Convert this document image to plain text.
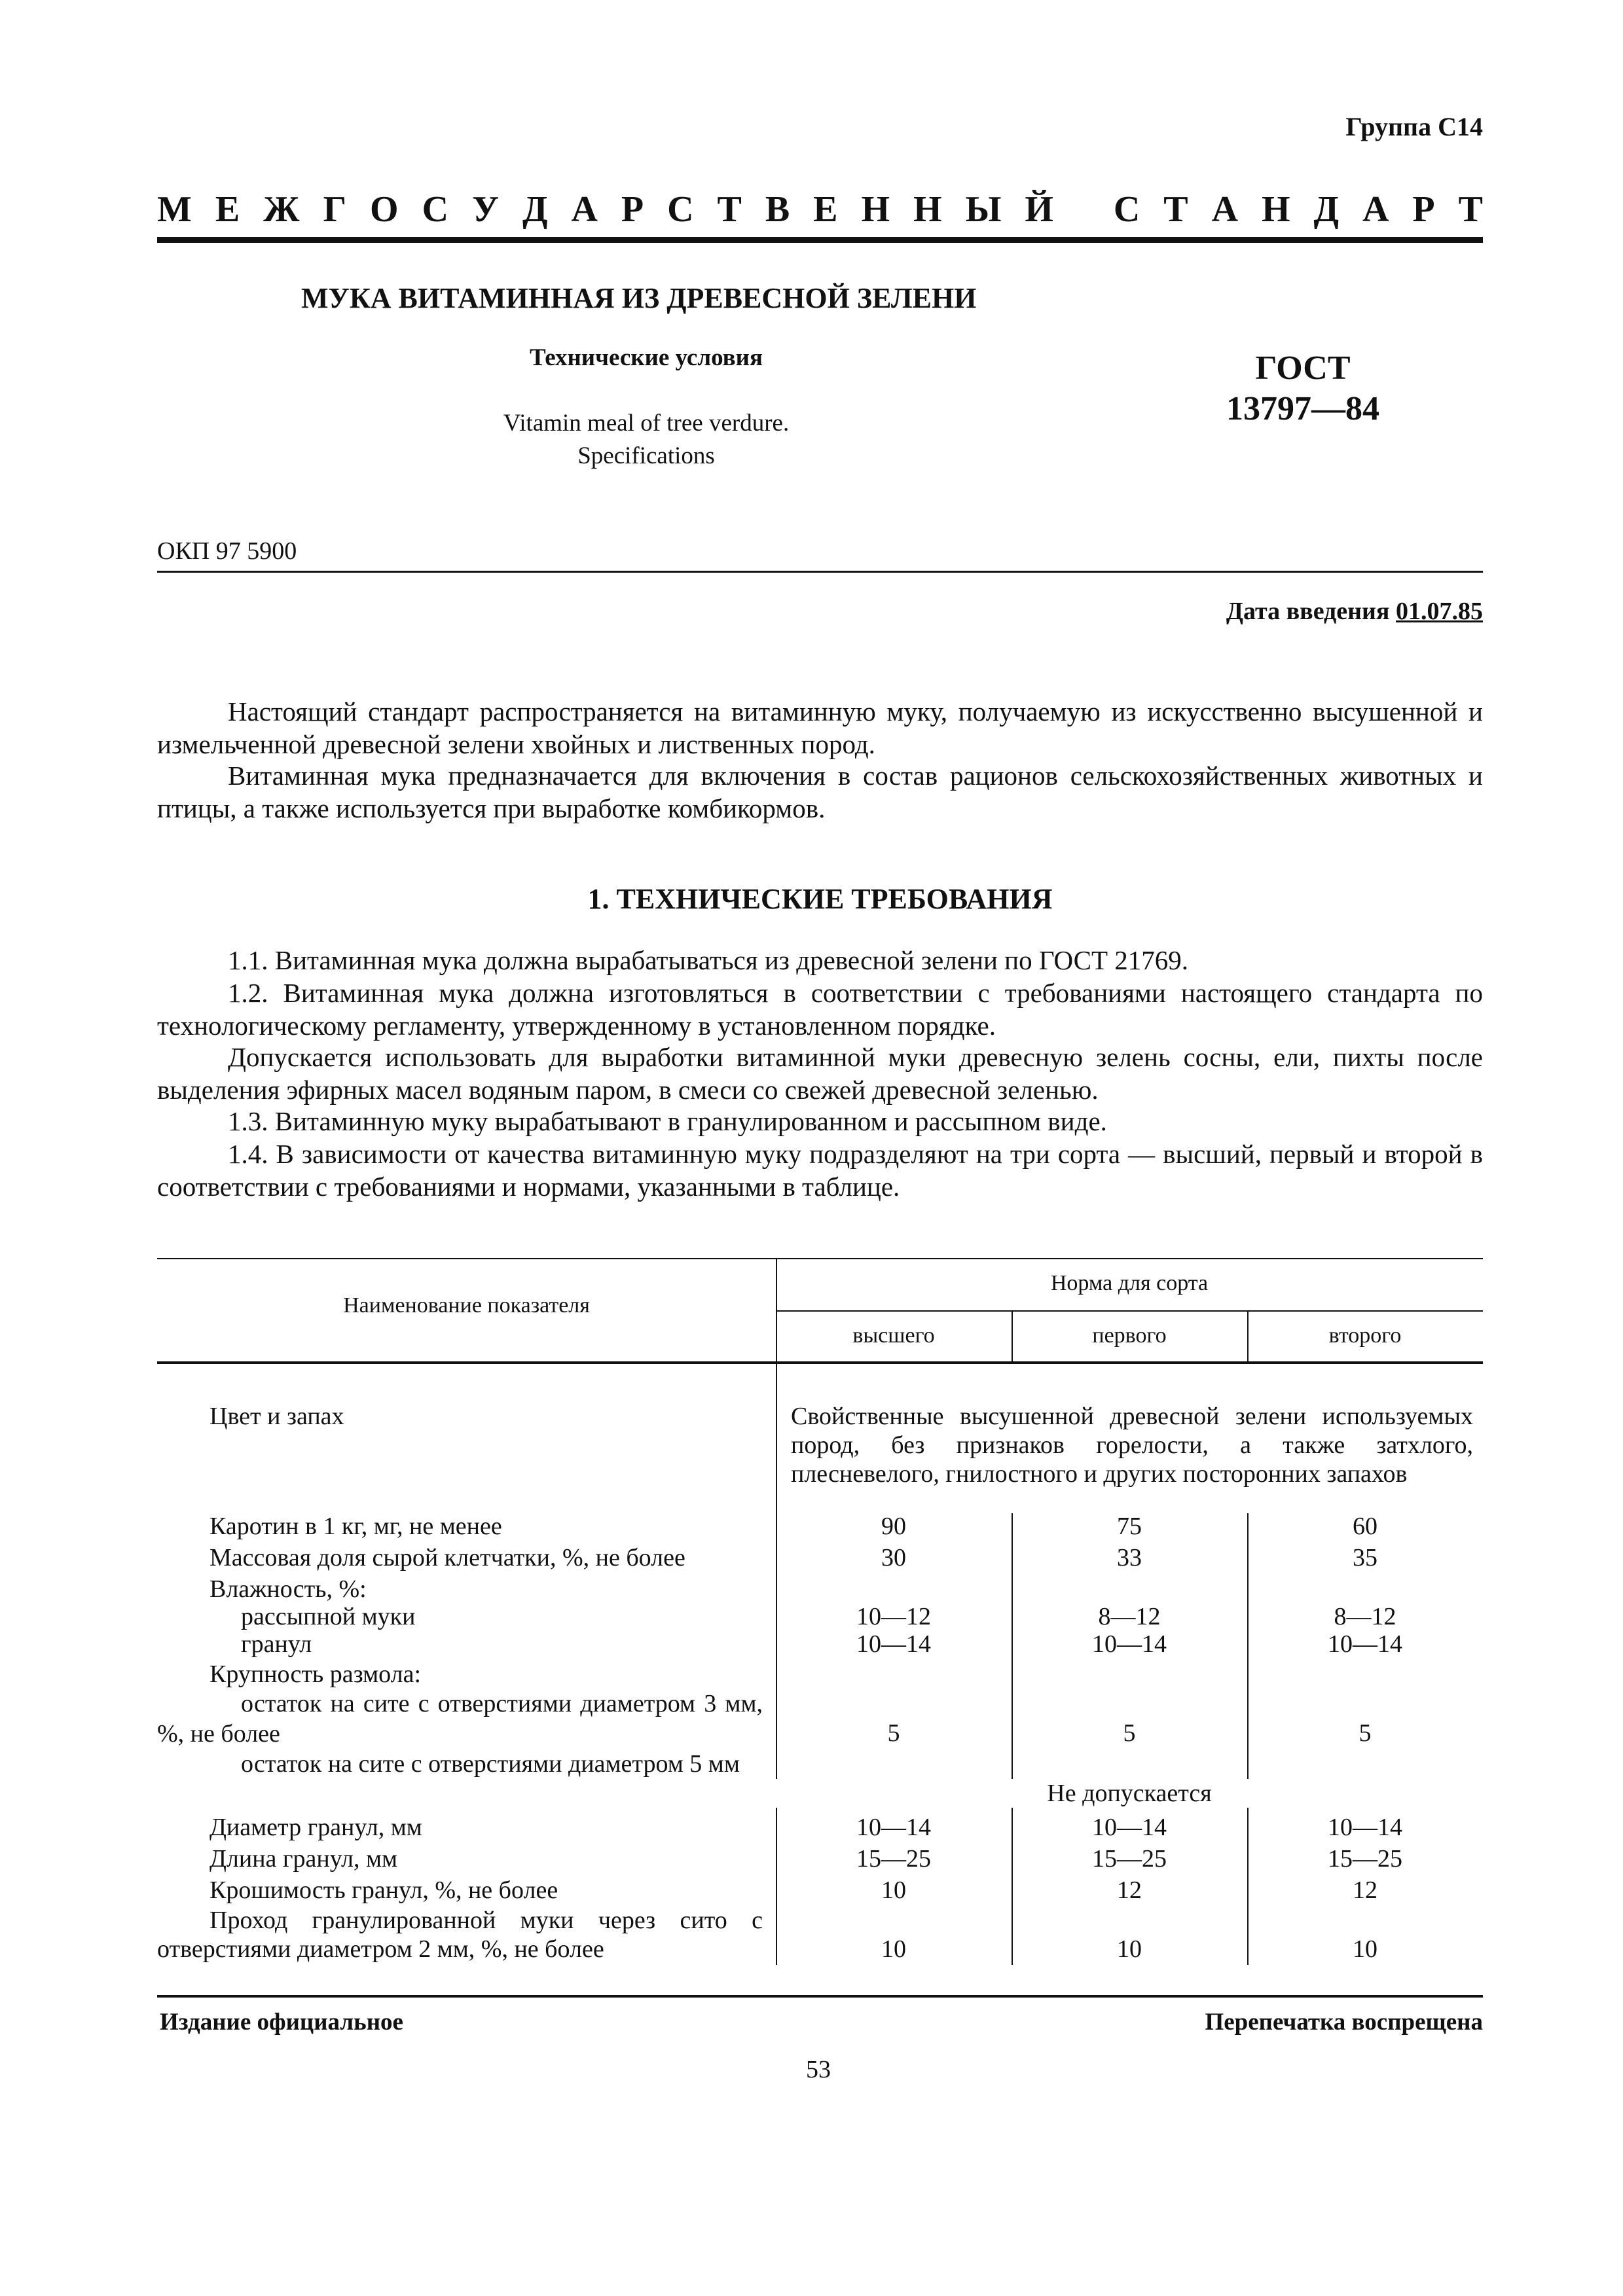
Группа С14
М Е Ж Г О С У Д А Р С Т В Е Н Н Ы Й С Т А Н Д А Р Т
МУКА ВИТАМИННАЯ ИЗ ДРЕВЕСНОЙ ЗЕЛЕНИ
Технические условия
Vitamin meal of tree verdure.
Specifications
ГОСТ
13797—84
ОКП 97 5900
Дата введения 01.07.85
Настоящий стандарт распространяется на витаминную муку, получаемую из искусственно высушенной и измельченной древесной зелени хвойных и лиственных пород.
Витаминная мука предназначается для включения в состав рационов сельскохозяйственных животных и птицы, а также используется при выработке комбикормов.
1. ТЕХНИЧЕСКИЕ ТРЕБОВАНИЯ
1.1. Витаминная мука должна вырабатываться из древесной зелени по ГОСТ 21769.
1.2. Витаминная мука должна изготовляться в соответствии с требованиями настоящего стандарта по технологическому регламенту, утвержденному в установленном порядке.
Допускается использовать для выработки витаминной муки древесную зелень сосны, ели, пихты после выделения эфирных масел водяным паром, в смеси со свежей древесной зеленью.
1.3. Витаминную муку вырабатывают в гранулированном и рассыпном виде.
1.4. В зависимости от качества витаминную муку подразделяют на три сорта — высший, первый и второй в соответствии с требованиями и нормами, указанными в таблице.
Наименование показателя
Норма для сорта
высшего	первого	второго
Цвет и запах	Свойственные высушенной древесной зелени используемых пород, без признаков горелости, а также затхлого, плесневелого, гнилостного и других посторонних запахов
Каротин в 1 кг, мг, не менее	90	75	60
Массовая доля сырой клетчатки, %, не более	30	33	35
Влажность, %:
рассыпной муки	10—12	8—12	8—12
гранул	10—14	10—14	10—14
Крупность размола:
остаток на сите с отверстиями диаметром 3 мм, %, не более	5	5	5
остаток на сите с отверстиями диаметром 5 мм
Не допускается
Диаметр гранул, мм	10—14	10—14	10—14
Длина гранул, мм	15—25	15—25	15—25
Крошимость гранул, %, не более	10	12	12
Проход гранулированной муки через сито с отверстиями диаметром 2 мм, %, не более	10	10	10
Издание официальное	Перепечатка воспрещена
53
